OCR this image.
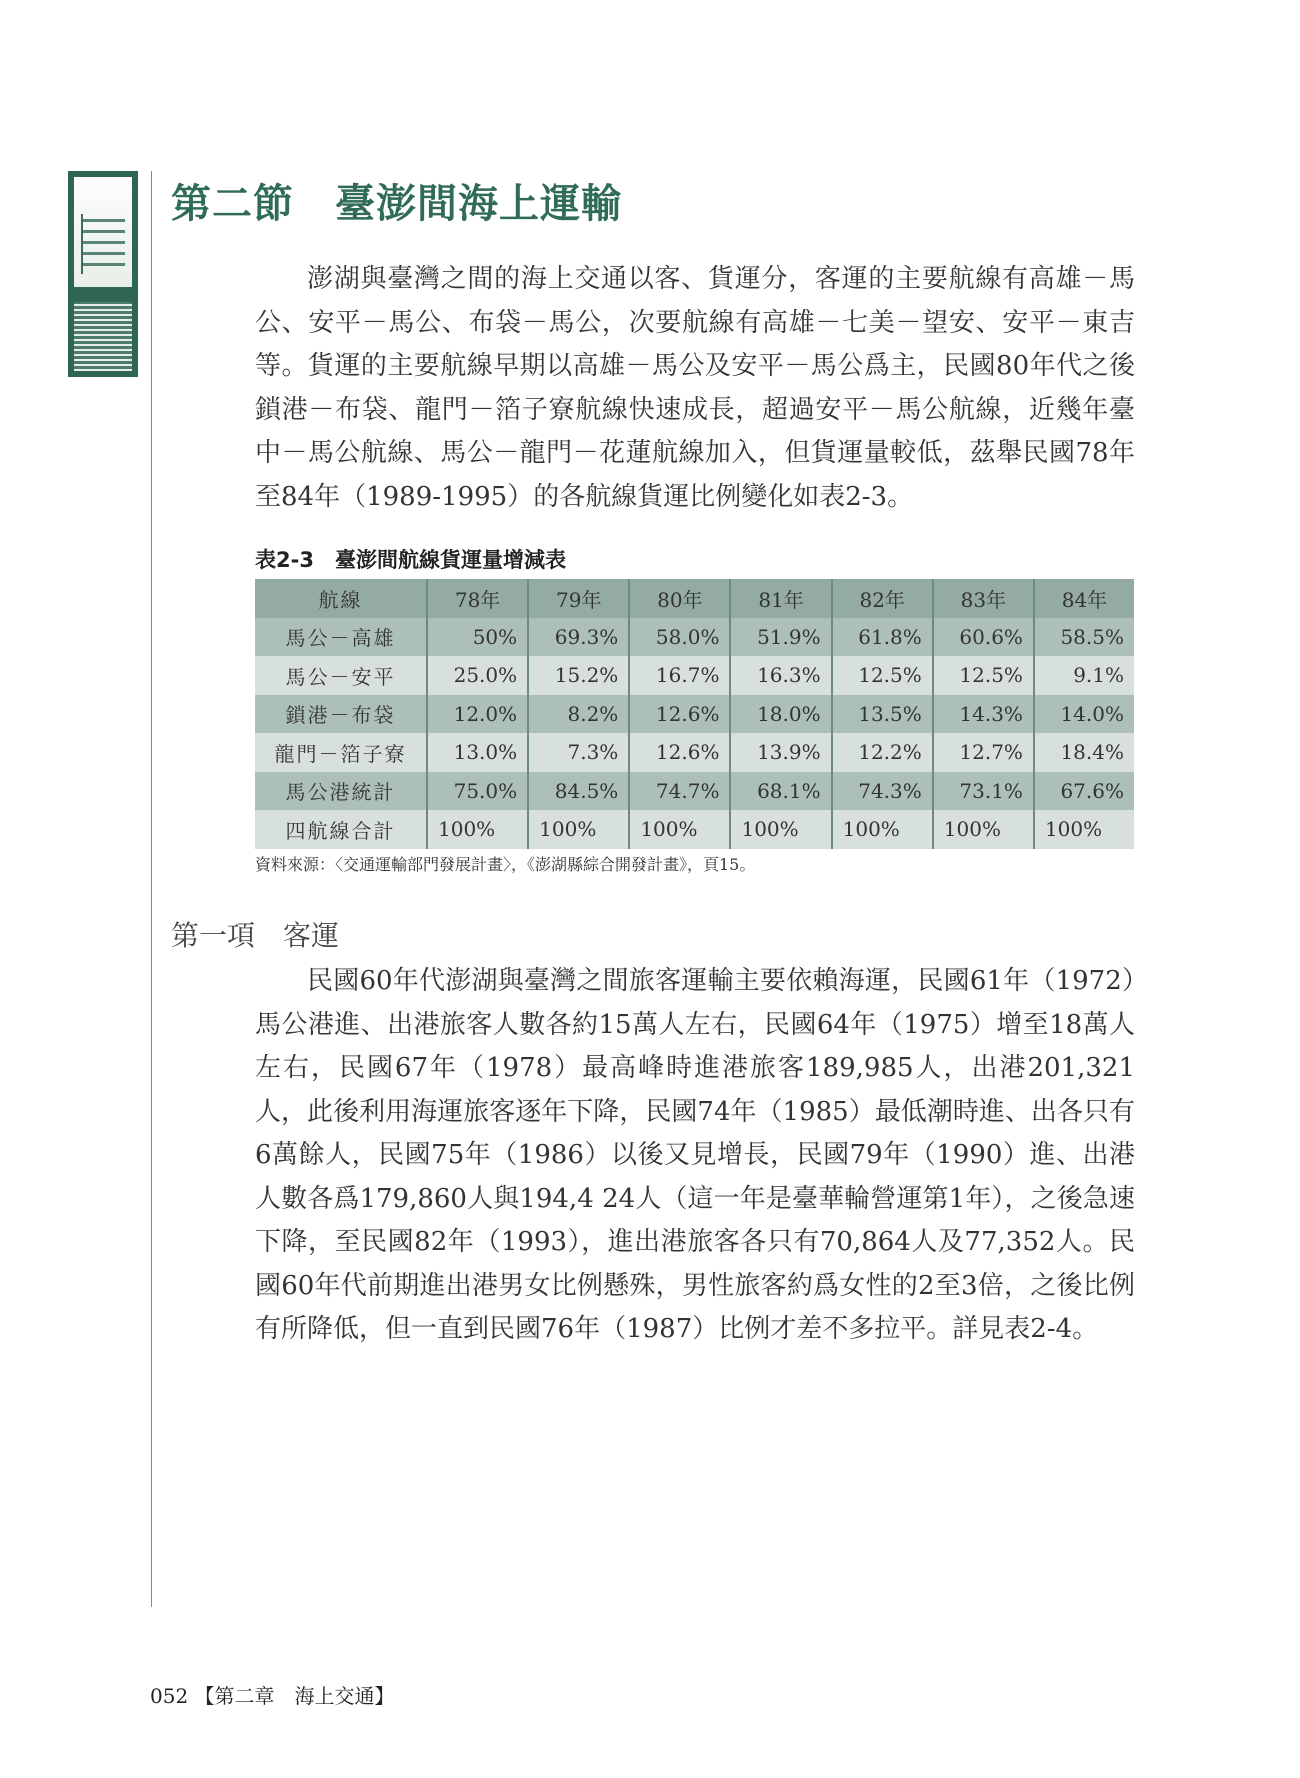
第二節　臺澎間海上運輸

澎湖與臺灣之間的海上交通以客、貨運分，客運的主要航線有高雄－馬公、安平－馬公、布袋－馬公，次要航線有高雄－七美－望安、安平－東吉等。貨運的主要航線早期以高雄－馬公及安平－馬公爲主，民國80年代之後鎖港－布袋、龍門－箔子寮航線快速成長，超過安平－馬公航線，近幾年臺中－馬公航線、馬公－龍門－花蓮航線加入，但貨運量較低，茲舉民國78年至84年（1989-1995）的各航線貨運比例變化如表2-3。

表2-3　臺澎間航線貨運量增減表
航線	78年	79年	80年	81年	82年	83年	84年
馬公－高雄	50%	69.3%	58.0%	51.9%	61.8%	60.6%	58.5%
馬公－安平	25.0%	15.2%	16.7%	16.3%	12.5%	12.5%	9.1%
鎖港－布袋	12.0%	8.2%	12.6%	18.0%	13.5%	14.3%	14.0%
龍門－箔子寮	13.0%	7.3%	12.6%	13.9%	12.2%	12.7%	18.4%
馬公港統計	75.0%	84.5%	74.7%	68.1%	74.3%	73.1%	67.6%
四航線合計	100%	100%	100%	100%	100%	100%	100%
資料來源：〈交通運輸部門發展計畫〉，《澎湖縣綜合開發計畫》，頁15。
第一項　客運

民國60年代澎湖與臺灣之間旅客運輸主要依賴海運，民國61年（1972）馬公港進、出港旅客人數各約15萬人左右，民國64年（1975）增至18萬人左右，民國67年（1978）最高峰時進港旅客189,985人，出港201,321人，此後利用海運旅客逐年下降，民國74年（1985）最低潮時進、出各只有6萬餘人，民國75年（1986）以後又見增長，民國79年（1990）進、出港人數各爲179,860人與194,4 24人（這一年是臺華輪營運第1年），之後急速下降，至民國82年（1993），進出港旅客各只有70,864人及77,352人。民國60年代前期進出港男女比例懸殊，男性旅客約爲女性的2至3倍，之後比例有所降低，但一直到民國76年（1987）比例才差不多拉平。詳見表2-4。

052 【第二章　海上交通】
